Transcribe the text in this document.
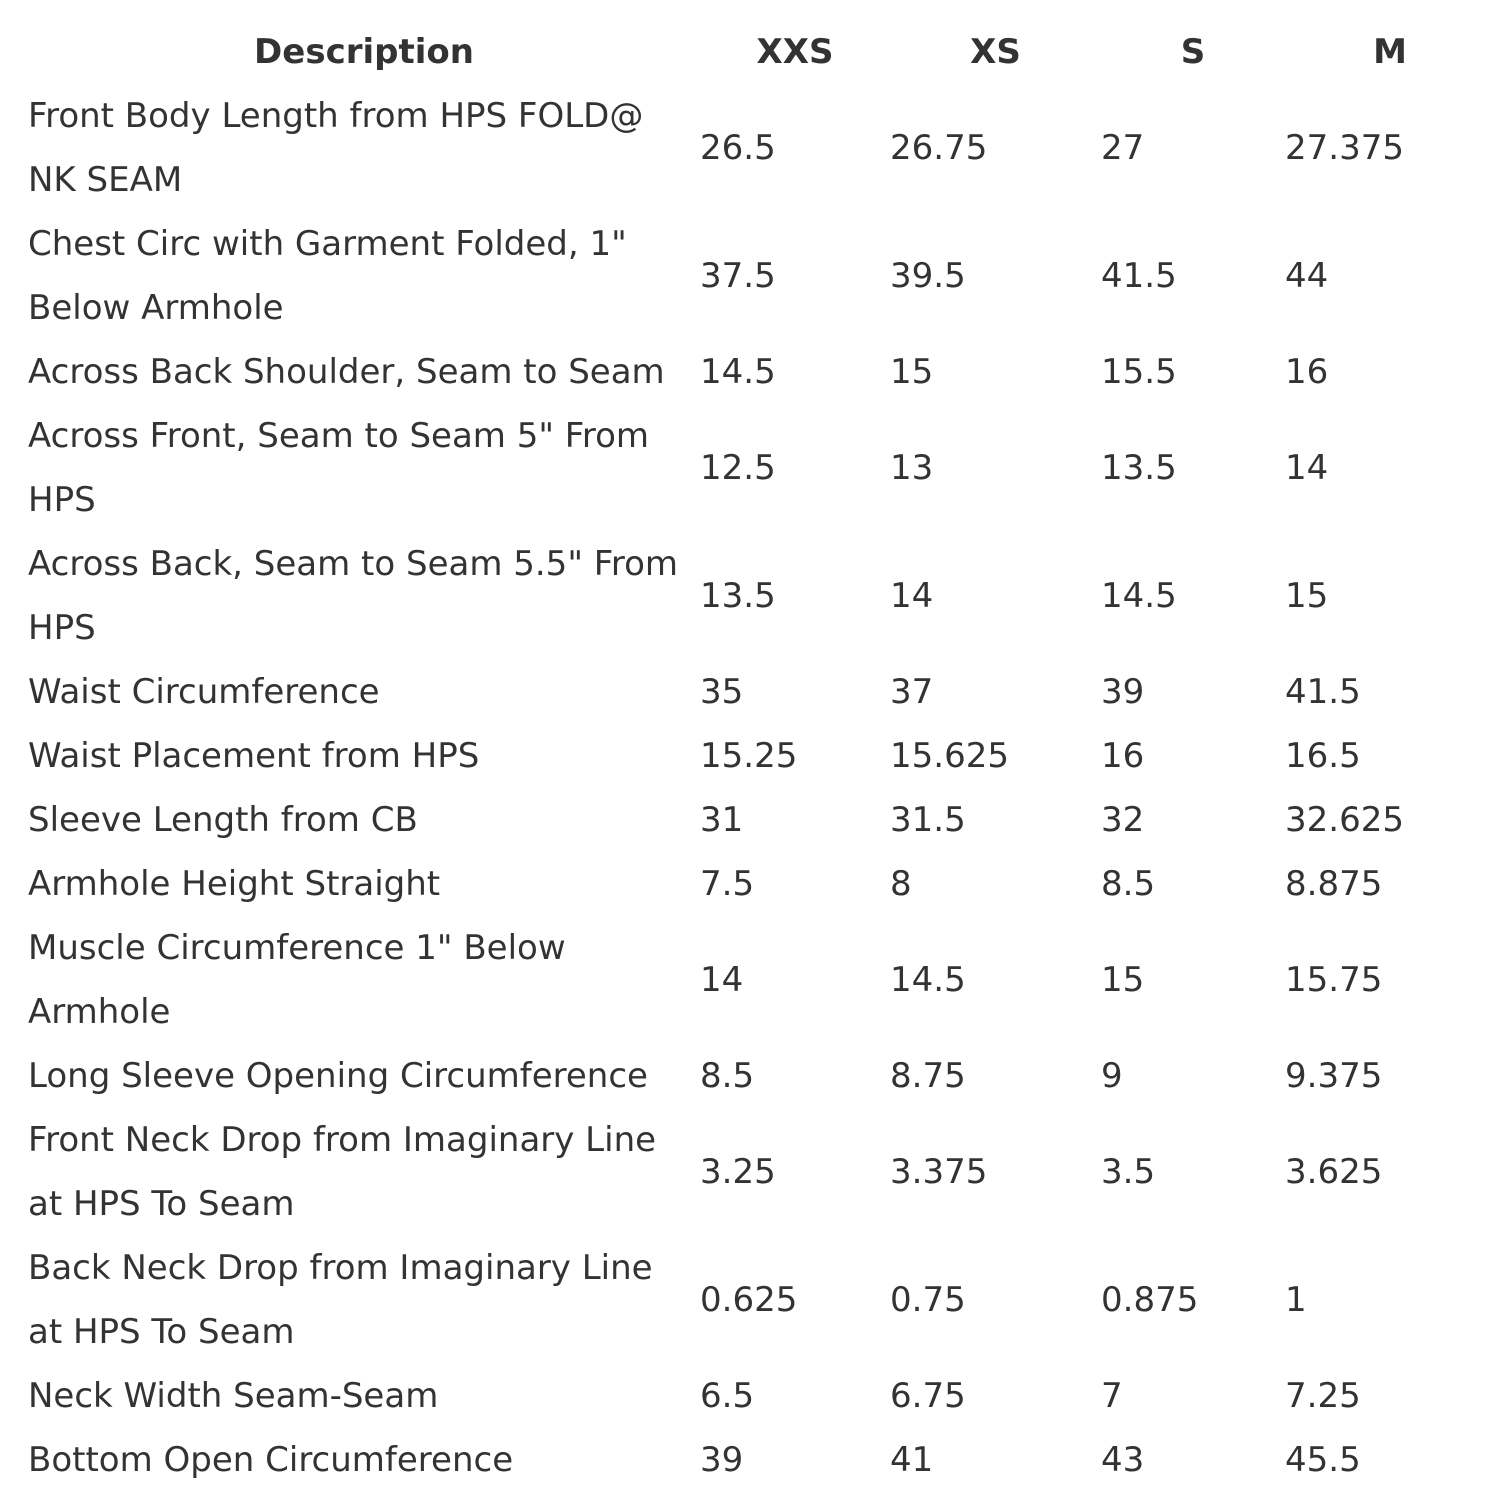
Description	XXS	XS	S	M
Front Body Length from HPS FOLD@ NK SEAM	26.5	26.75	27	27.375
Chest Circ with Garment Folded, 1" Below Armhole	37.5	39.5	41.5	44
Across Back Shoulder, Seam to Seam	14.5	15	15.5	16
Across Front, Seam to Seam 5" From HPS	12.5	13	13.5	14
Across Back, Seam to Seam 5.5" From HPS	13.5	14	14.5	15
Waist Circumference	35	37	39	41.5
Waist Placement from HPS	15.25	15.625	16	16.5
Sleeve Length from CB	31	31.5	32	32.625
Armhole Height Straight	7.5	8	8.5	8.875
Muscle Circumference 1" Below Armhole	14	14.5	15	15.75
Long Sleeve Opening Circumference	8.5	8.75	9	9.375
Front Neck Drop from Imaginary Line at HPS To Seam	3.25	3.375	3.5	3.625
Back Neck Drop from Imaginary Line at HPS To Seam	0.625	0.75	0.875	1
Neck Width Seam-Seam	6.5	6.75	7	7.25
Bottom Open Circumference	39	41	43	45.5
